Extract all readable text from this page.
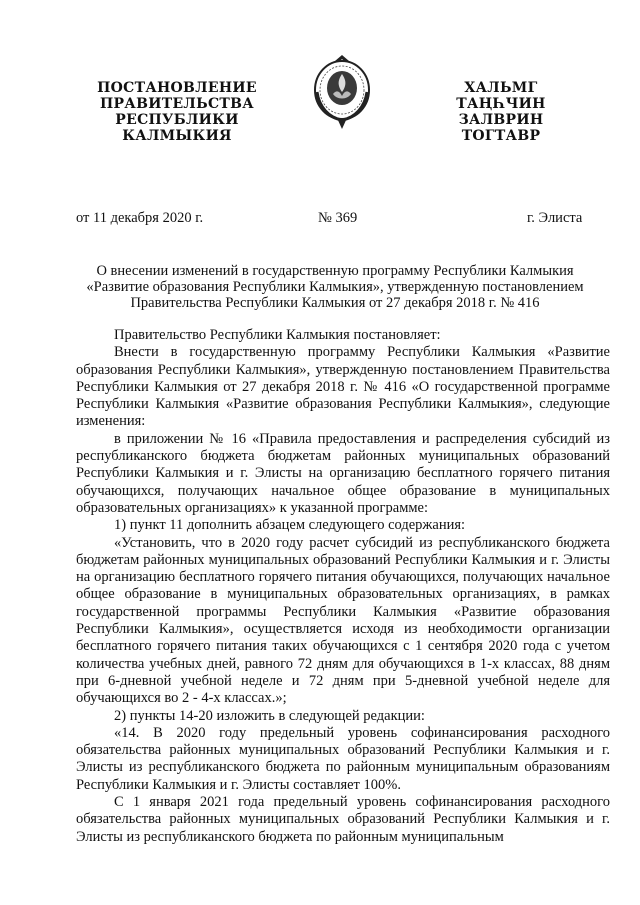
ПОСТАНОВЛЕНИЕ
ПРАВИТЕЛЬСТВА
РЕСПУБЛИКИ
КАЛМЫКИЯ
ХАЛЬМГ
ТАҢҺЧИН
ЗАЛВРИН
ТОГТАВР
от 11 декабря 2020 г.	№ 369	г. Элиста
О внесении изменений в государственную программу Республики Калмыкия
«Развитие образования Республики Калмыкия», утвержденную постановлением
Правительства Республики Калмыкия от 27 декабря 2018 г. № 416

Правительство Республики Калмыкия постановляет:

Внести в государственную программу Республики Калмыкия «Развитие образования Республики Калмыкия», утвержденную постановлением Правительства Республики Калмыкия от 27 декабря 2018 г. № 416 «О государственной программе Республики Калмыкия «Развитие образования Республики Калмыкия», следующие изменения:

в приложении № 16 «Правила предоставления и распределения субсидий из республиканского бюджета бюджетам районных муниципальных образований Республики Калмыкия и г. Элисты на организацию бесплатного горячего питания обучающихся, получающих начальное общее образование в муниципальных образовательных организациях» к указанной программе:

1) пункт 11 дополнить абзацем следующего содержания:

«Установить, что в 2020 году расчет субсидий из республиканского бюджета бюджетам районных муниципальных образований Республики Калмыкия и г. Элисты на организацию бесплатного горячего питания обучающихся, получающих начальное общее образование в муниципальных образовательных организациях, в рамках государственной программы Республики Калмыкия «Развитие образования Республики Калмыкия», осуществляется исходя из необходимости организации бесплатного горячего питания таких обучающихся с 1 сентября 2020 года с учетом количества учебных дней, равного 72 дням для обучающихся в 1-х классах, 88 дням при 6-дневной учебной неделе и 72 дням при 5-дневной учебной неделе для обучающихся во 2 - 4-х классах.»;

2) пункты 14-20 изложить в следующей редакции:

«14. В 2020 году предельный уровень софинансирования расходного обязательства районных муниципальных образований Республики Калмыкия и г. Элисты из республиканского бюджета по районным муниципальным образованиям Республики Калмыкия и г. Элисты составляет 100%.

С 1 января 2021 года предельный уровень софинансирования расходного обязательства районных муниципальных образований Республики Калмыкия и г. Элисты из республиканского бюджета по районным муниципальным
